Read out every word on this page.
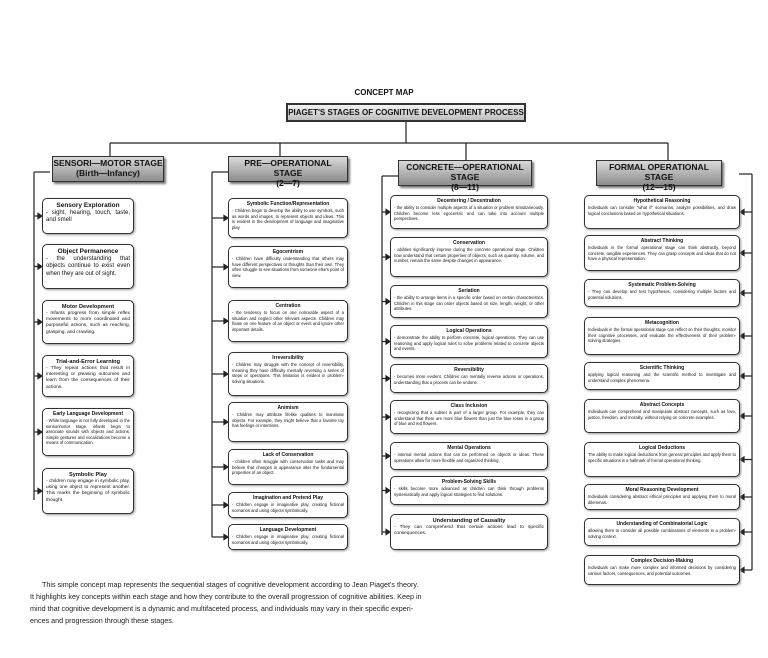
CONCEPT MAP
PIAGET'S STAGES OF COGNITIVE DEVELOPMENT PROCESS
SENSORI—MOTOR STAGE
(Birth—Infancy)
PRE—OPERATIONAL STAGE
(2—7)
CONCRETE—OPERATIONAL STAGE
(8—11)
FORMAL OPERATIONAL STAGE
(12—15)
Sensory Exploration
- sight, hearing, touch, taste, and smell
Object Permanence
- the understanding that objects continue to exist even when they are out of sight.
Motor Development
- Infants progress from simple reflex movements to more coordinated and purposeful actions, such as reaching, grasping, and crawling.
Trial-and-Error Learning
- They repeat actions that result in interesting or pleasing outcomes and learn from the consequences of their actions.
Early Language Development
- While language is not fully developed in the sensorimotor stage, infants begin to associate sounds with objects and actions. Simple gestures and vocalizations become a means of communication.
Symbolic Play
- children may engage in symbolic play, using one object to represent another. This marks the beginning of symbolic thought.
Symbolic Function/Representation
- Children begin to develop the ability to use symbols, such as words and images, to represent objects and ideas. This is evident in the development of language and imaginative play.
Egocentrism
- Children have difficulty understanding that others may have different perspectives or thoughts than their own. They often struggle to see situations from someone else's point of view.
Centration
- the tendency to focus on one noticeable aspect of a situation and neglect other relevant aspects. Children may fixate on one feature of an object or event and ignore other important details.
Irreversibility
- Children may struggle with the concept of reversibility, meaning they have difficulty mentally reversing a series of steps or operations. This limitation is evident in problem-solving situations.
Animism
- Children may attribute lifelike qualities to inanimate objects. For example, they might believe that a favorite toy has feelings or intentions.
Lack of Conservation
- children often struggle with conservation tasks and may believe that changes in appearance alter the fundamental properties of an object.
Imagination and Pretend Play
- Children engage in imaginative play, creating fictional scenarios and using objects symbolically.
Language Development
- Children engage in imaginative play, creating fictional scenarios and using objects symbolically.
Decentering / Decentration
- the ability to consider multiple aspects of a situation or problem simultaneously. Children become less egocentric and can take into account multiple perspectives.
Conservation
- abilities significantly improve during the concrete operational stage. Children now understand that certain properties of objects, such as quantity, volume, and number, remain the same despite changes in appearance.
Seriation
- the ability to arrange items in a specific order based on certain characteristics. Children in this stage can order objects based on size, length, weight, or other attributes.
Logical Operations
- demonstrate the ability to perform concrete, logical operations. They can use reasoning and apply logical rules to solve problems related to concrete objects and events.
Reversibility
- becomes more evident. Children can mentally reverse actions or operations, understanding that a process can be undone.
Class Inclusion
- recognizing that a subset is part of a larger group. For example, they can understand that there are more blue flowers than just the blue roses in a group of blue and red flowers.
Mental Operations
- internal mental actions that can be performed on objects or ideas. These operations allow for more flexible and organized thinking.
Problem-Solving Skills
- skills become more advanced as children can think through problems systematically and apply logical strategies to find solutions.
Understanding of Causality
- They can comprehend that certain actions lead to specific consequences.
Hypothetical Reasoning
Individuals can consider "what if" scenarios, analyze possibilities, and draw logical conclusions based on hypothetical situations.
Abstract Thinking
Individuals in the formal operational stage can think abstractly, beyond concrete, tangible experiences. They can grasp concepts and ideas that do not have a physical representation.
Systematic Problem-Solving
- They can develop and test hypotheses, considering multiple factors and potential solutions.
Metacognition
Individuals in the formal operational stage can reflect on their thoughts, monitor their cognitive processes, and evaluate the effectiveness of their problem-solving strategies.
Scientific Thinking
applying logical reasoning and the scientific method to investigate and understand complex phenomena.
Abstract Concepts
Individuals can comprehend and manipulate abstract concepts, such as love, justice, freedom, and morality, without relying on concrete examples.
Logical Deductions
The ability to make logical deductions from general principles and apply them to specific situations is a hallmark of formal operational thinking.
Moral Reasoning Development
Individuals considering abstract ethical principles and applying them to moral dilemmas.
Understanding of Combinatorial Logic
allowing them to consider all possible combinations of elements in a problem-solving context.
Complex Decision-Making
Individuals can make more complex and informed decisions by considering various factors, consequences, and potential outcomes.
This simple concept map represents the sequential stages of cognitive development according to Jean Piaget's theory.
It highlights key concepts within each stage and how they contribute to the overall progression of cognitive abilities. Keep in
mind that cognitive development is a dynamic and multifaceted process, and individuals may vary in their specific experi-
ences and progression through these stages.
